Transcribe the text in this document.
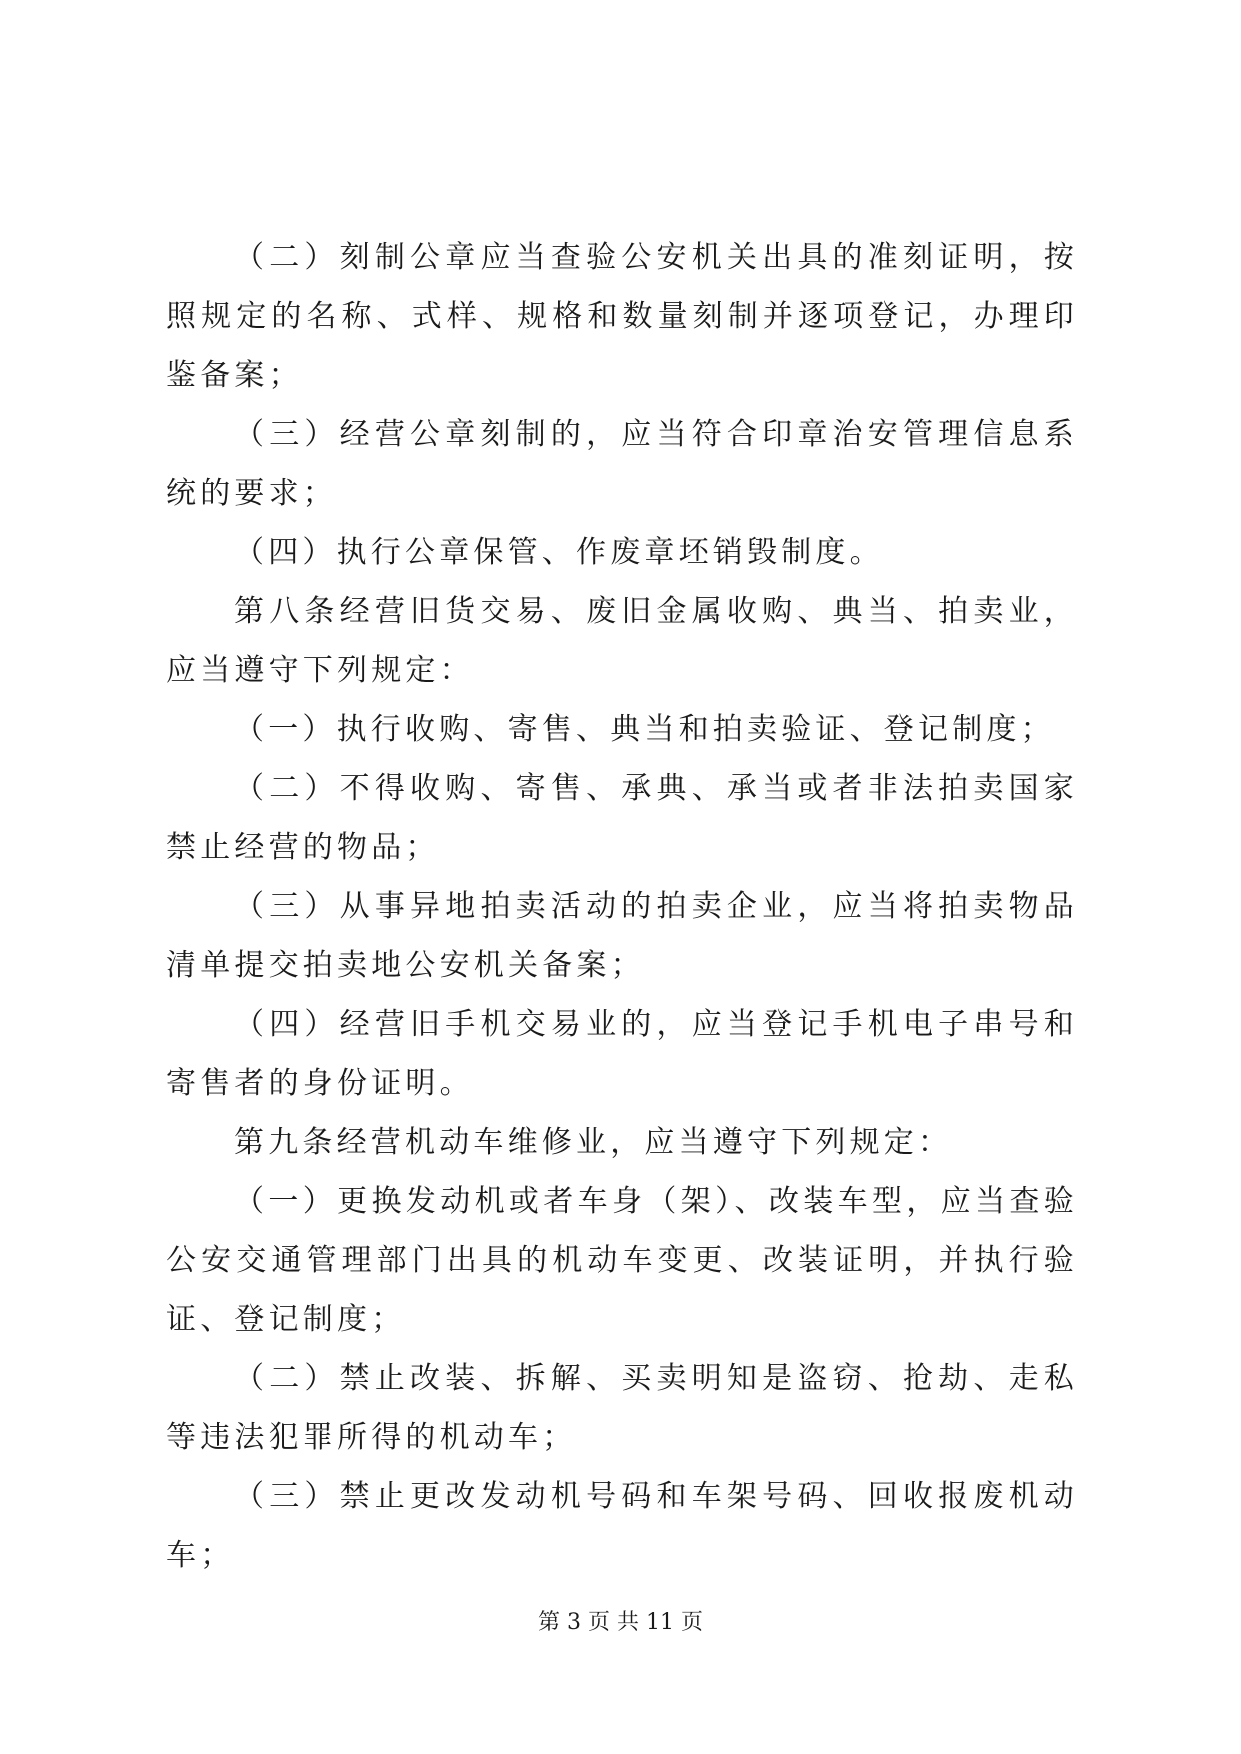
（二）刻制公章应当查验公安机关出具的准刻证明，按照规定的名称、式样、规格和数量刻制并逐项登记，办理印鉴备案；

（三）经营公章刻制的，应当符合印章治安管理信息系统的要求；

（四）执行公章保管、作废章坯销毁制度。

第八条经营旧货交易、废旧金属收购、典当、拍卖业，应当遵守下列规定：

（一）执行收购、寄售、典当和拍卖验证、登记制度；

（二）不得收购、寄售、承典、承当或者非法拍卖国家禁止经营的物品；

（三）从事异地拍卖活动的拍卖企业，应当将拍卖物品清单提交拍卖地公安机关备案；

（四）经营旧手机交易业的，应当登记手机电子串号和寄售者的身份证明。

第九条经营机动车维修业，应当遵守下列规定：

（一）更换发动机或者车身（架）、改装车型，应当查验公安交通管理部门出具的机动车变更、改装证明，并执行验证、登记制度；

（二）禁止改装、拆解、买卖明知是盗窃、抢劫、走私等违法犯罪所得的机动车；

（三）禁止更改发动机号码和车架号码、回收报废机动车；

第 3 页 共 11 页
